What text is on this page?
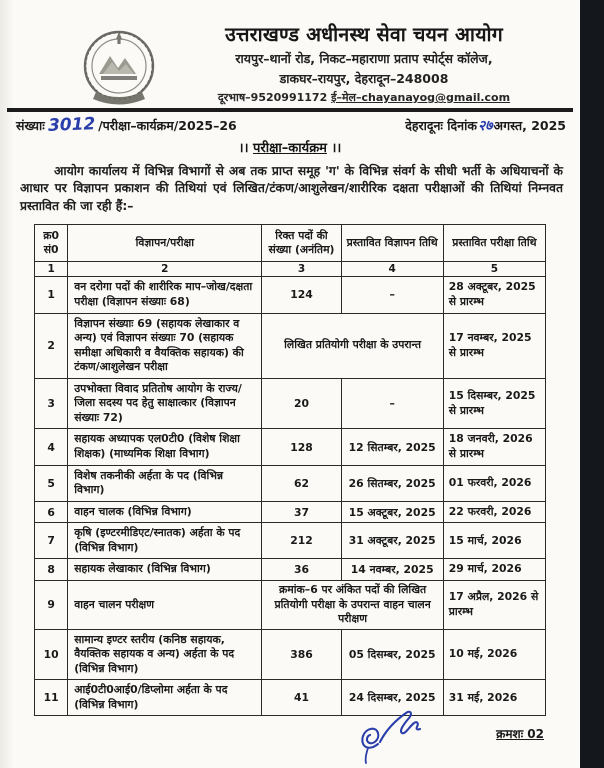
उत्तराखण्ड अधीनस्थ सेवा चयन आयोग
रायपुर–थानों रोड, निकट–महाराणा प्रताप स्पोर्ट्स कॉलेज,
डाकघर–रायपुर, देहरादून–248008
दूरभाष–9520991172 ई–मेल–chayanayog@gmail.com
संख्याः 3012 /परीक्षा–कार्यक्रम/2025–26	देहरादूनः दिनांक२७अगस्त, 2025
।। परीक्षा–कार्यक्रम ।।

आयोग कार्यालय में विभिन्न विभागों से अब तक प्राप्त समूह 'ग' के विभिन्न संवर्ग के सीधी भर्ती के अधियाचनों के आधार पर विज्ञापन प्रकाशन की तिथियां एवं लिखित/टंकण/आशुलेखन/शारीरिक दक्षता परीक्षाओं की तिथियां निम्नवत प्रस्तावित की जा रही हैं:–

क्र0 सं0	विज्ञापन/परीक्षा	रिक्त पदों की संख्या (अनंतिम)	प्रस्तावित विज्ञापन तिथि	प्रस्तावित परीक्षा तिथि
1	2	3	4	5
1	वन दरोगा पदों की शारीरिक माप–जोख/दक्षता परीक्षा (विज्ञापन संख्याः 68)	124	–	28 अक्टूबर, 2025 से प्रारम्भ
2	विज्ञापन संख्याः 69 (सहायक लेखाकार व अन्य) एवं विज्ञापन संख्याः 70 (सहायक समीक्षा अधिकारी व वैयक्तिक सहायक) की टंकण/आशुलेखन परीक्षा	लिखित प्रतियोगी परीक्षा के उपरान्त		17 नवम्बर, 2025 से प्रारम्भ
3	उपभोक्ता विवाद प्रतितोष आयोग के राज्य/जिला सदस्य पद हेतु साक्षात्कार (विज्ञापन संख्याः 72)	20	–	15 दिसम्बर, 2025 से प्रारम्भ
4	सहायक अध्यापक एल0टी0 (विशेष शिक्षा शिक्षक) (माध्यमिक शिक्षा विभाग)	128	12 सितम्बर, 2025	18 जनवरी, 2026 से प्रारम्भ
5	विशेष तकनीकी अर्हता के पद (विभिन्न विभाग)	62	26 सितम्बर, 2025	01 फरवरी, 2026
6	वाहन चालक (विभिन्न विभाग)	37	15 अक्टूबर, 2025	22 फरवरी, 2026
7	कृषि (इण्टरमीडिएट/स्नातक) अर्हता के पद (विभिन्न विभाग)	212	31 अक्टूबर, 2025	15 मार्च, 2026
8	सहायक लेखाकार (विभिन्न विभाग)	36	14 नवम्बर, 2025	29 मार्च, 2026
9	वाहन चालन परीक्षण	क्रमांक–6 पर अंकित पदों की लिखित प्रतियोगी परीक्षा के उपरान्त वाहन चालन परीक्षण		17 अप्रैल, 2026 से प्रारम्भ
10	सामान्य इण्टर स्तरीय (कनिष्ठ सहायक, वैयक्तिक सहायक व अन्य) अर्हता के पद (विभिन्न विभाग)	386	05 दिसम्बर, 2025	10 मई, 2026
11	आई0टी0आई0/डिप्लोमा अर्हता के पद (विभिन्न विभाग)	41	24 दिसम्बर, 2025	31 मई, 2026
क्रमशः 02
